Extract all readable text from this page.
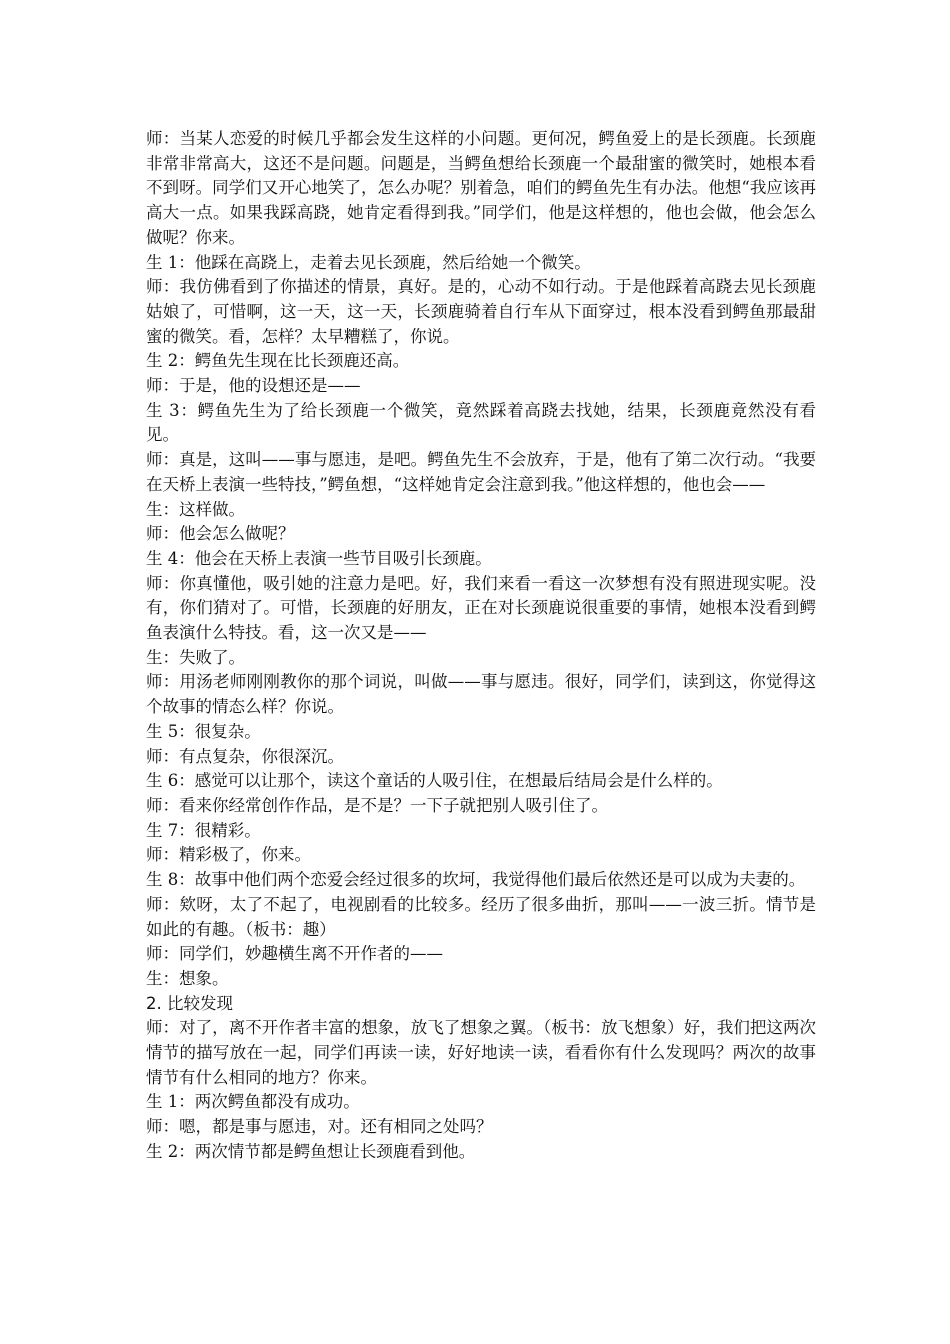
师：当某人恋爱的时候几乎都会发生这样的小问题。更何况，鳄鱼爱上的是长颈鹿。长颈鹿非常非常高大，这还不是问题。问题是，当鳄鱼想给长颈鹿一个最甜蜜的微笑时，她根本看不到呀。同学们又开心地笑了，怎么办呢？别着急，咱们的鳄鱼先生有办法。他想“我应该再高大一点。如果我踩高跷，她肯定看得到我。”同学们，他是这样想的，他也会做，他会怎么做呢？你来。

生 1：他踩在高跷上，走着去见长颈鹿，然后给她一个微笑。

师：我仿佛看到了你描述的情景，真好。是的，心动不如行动。于是他踩着高跷去见长颈鹿姑娘了，可惜啊，这一天，这一天，长颈鹿骑着自行车从下面穿过，根本没看到鳄鱼那最甜蜜的微笑。看，怎样？太早糟糕了，你说。

生 2：鳄鱼先生现在比长颈鹿还高。

师：于是，他的设想还是——

生 3：鳄鱼先生为了给长颈鹿一个微笑，竟然踩着高跷去找她，结果，长颈鹿竟然没有看见。

师：真是，这叫——事与愿违，是吧。鳄鱼先生不会放弃，于是，他有了第二次行动。“我要在天桥上表演一些特技，”鳄鱼想，“这样她肯定会注意到我。”他这样想的，他也会——

生：这样做。

师：他会怎么做呢？

生 4：他会在天桥上表演一些节目吸引长颈鹿。

师：你真懂他，吸引她的注意力是吧。好，我们来看一看这一次梦想有没有照进现实呢。没有，你们猜对了。可惜，长颈鹿的好朋友，正在对长颈鹿说很重要的事情，她根本没看到鳄鱼表演什么特技。看，这一次又是——

生：失败了。

师：用汤老师刚刚教你的那个词说，叫做——事与愿违。很好，同学们，读到这，你觉得这个故事的情态么样？你说。

生 5：很复杂。

师：有点复杂，你很深沉。

生 6：感觉可以让那个，读这个童话的人吸引住，在想最后结局会是什么样的。

师：看来你经常创作作品，是不是？一下子就把别人吸引住了。

生 7：很精彩。

师：精彩极了，你来。

生 8：故事中他们两个恋爱会经过很多的坎坷，我觉得他们最后依然还是可以成为夫妻的。

师：欸呀，太了不起了，电视剧看的比较多。经历了很多曲折，那叫——一波三折。情节是如此的有趣。（板书：趣）

师：同学们，妙趣横生离不开作者的——

生：想象。

2. 比较发现

师：对了，离不开作者丰富的想象，放飞了想象之翼。（板书：放飞想象）好，我们把这两次情节的描写放在一起，同学们再读一读，好好地读一读，看看你有什么发现吗？两次的故事情节有什么相同的地方？你来。

生 1：两次鳄鱼都没有成功。

师：嗯，都是事与愿违，对。还有相同之处吗？

生 2：两次情节都是鳄鱼想让长颈鹿看到他。
